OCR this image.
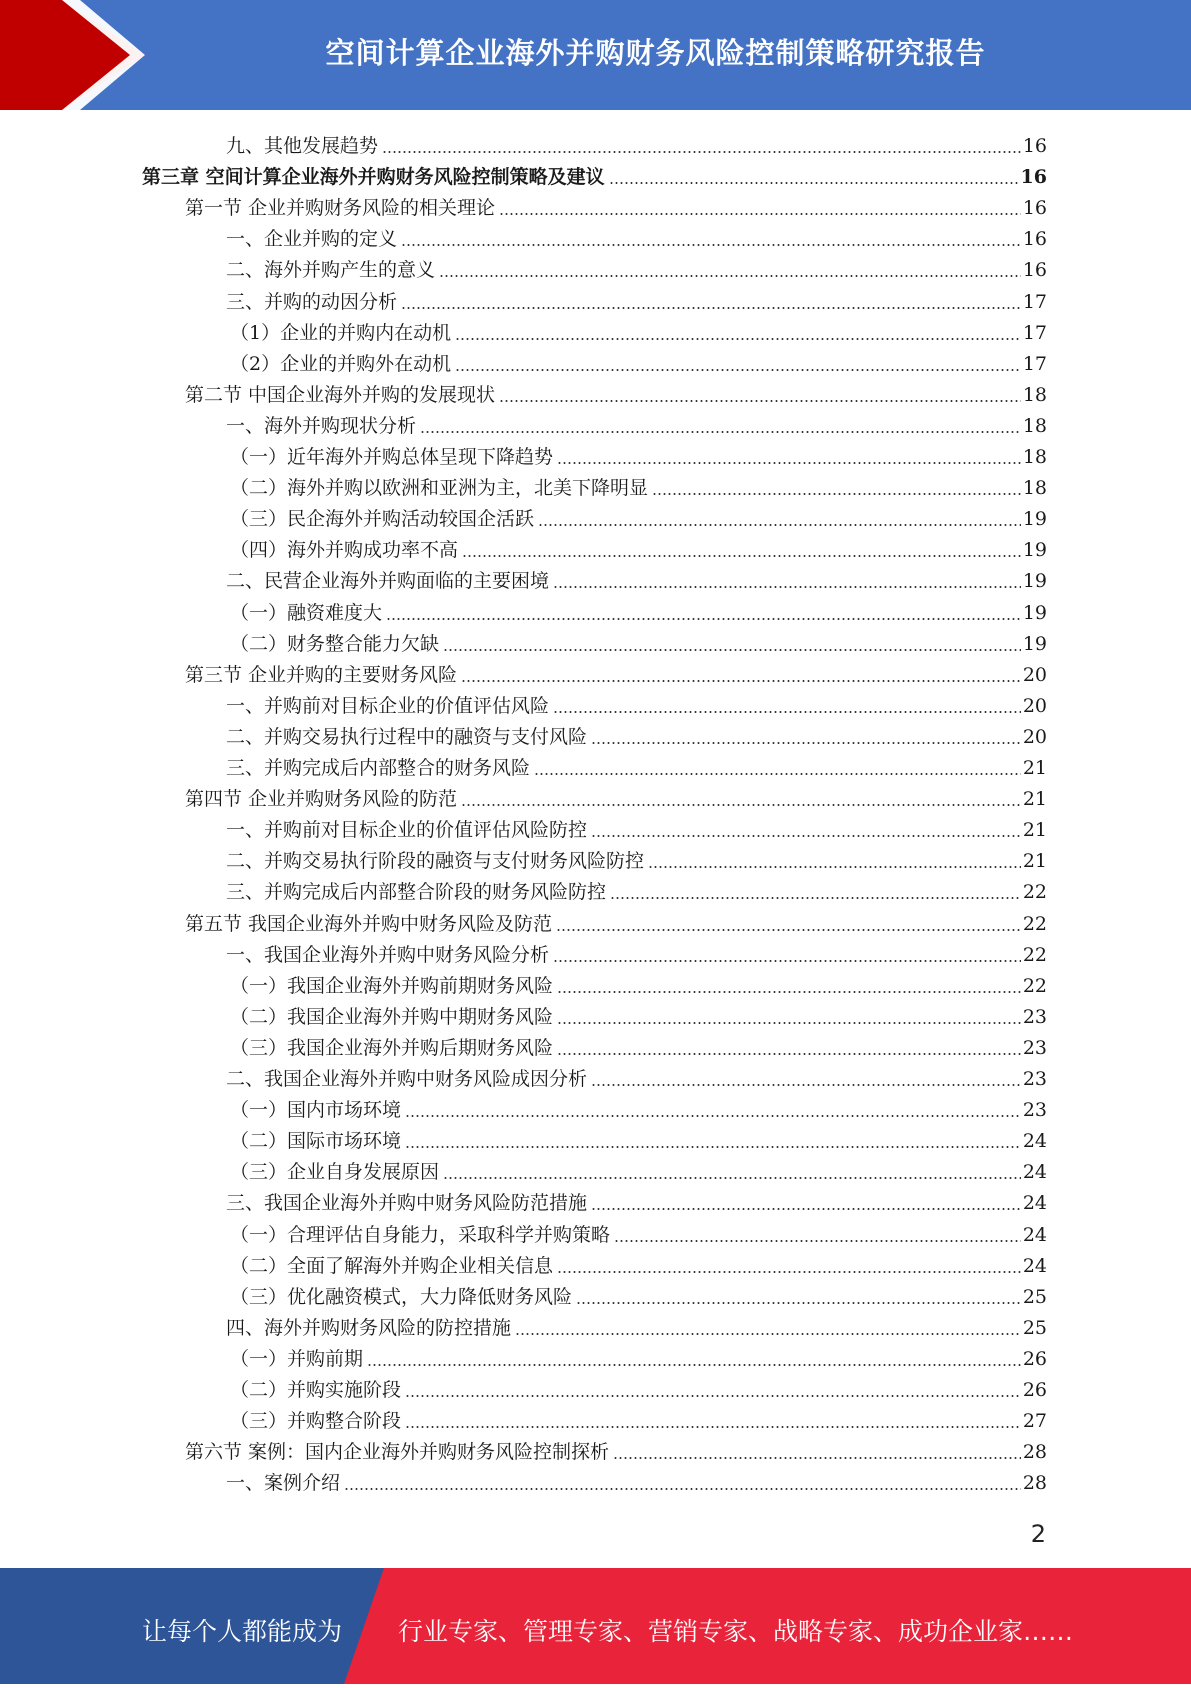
空间计算企业海外并购财务风险控制策略研究报告
九、其他发展趋势	16
第三章 空间计算企业海外并购财务风险控制策略及建议	16
第一节 企业并购财务风险的相关理论	16
一、企业并购的定义	16
二、海外并购产生的意义	16
三、并购的动因分析	17
（1）企业的并购内在动机	17
（2）企业的并购外在动机	17
第二节 中国企业海外并购的发展现状	18
一、海外并购现状分析	18
（一）近年海外并购总体呈现下降趋势	18
（二）海外并购以欧洲和亚洲为主，北美下降明显	18
（三）民企海外并购活动较国企活跃	19
（四）海外并购成功率不高	19
二、民营企业海外并购面临的主要困境	19
（一）融资难度大	19
（二）财务整合能力欠缺	19
第三节 企业并购的主要财务风险	20
一、并购前对目标企业的价值评估风险	20
二、并购交易执行过程中的融资与支付风险	20
三、并购完成后内部整合的财务风险	21
第四节 企业并购财务风险的防范	21
一、并购前对目标企业的价值评估风险防控	21
二、并购交易执行阶段的融资与支付财务风险防控	21
三、并购完成后内部整合阶段的财务风险防控	22
第五节 我国企业海外并购中财务风险及防范	22
一、我国企业海外并购中财务风险分析	22
（一）我国企业海外并购前期财务风险	22
（二）我国企业海外并购中期财务风险	23
（三）我国企业海外并购后期财务风险	23
二、我国企业海外并购中财务风险成因分析	23
（一）国内市场环境	23
（二）国际市场环境	24
（三）企业自身发展原因	24
三、我国企业海外并购中财务风险防范措施	24
（一）合理评估自身能力，采取科学并购策略	24
（二）全面了解海外并购企业相关信息	24
（三）优化融资模式，大力降低财务风险	25
四、海外并购财务风险的防控措施	25
（一）并购前期	26
（二）并购实施阶段	26
（三）并购整合阶段	27
第六节 案例：国内企业海外并购财务风险控制探析	28
一、案例介绍	28
2
让每个人都能成为 行业专家、管理专家、营销专家、战略专家、成功企业家……
